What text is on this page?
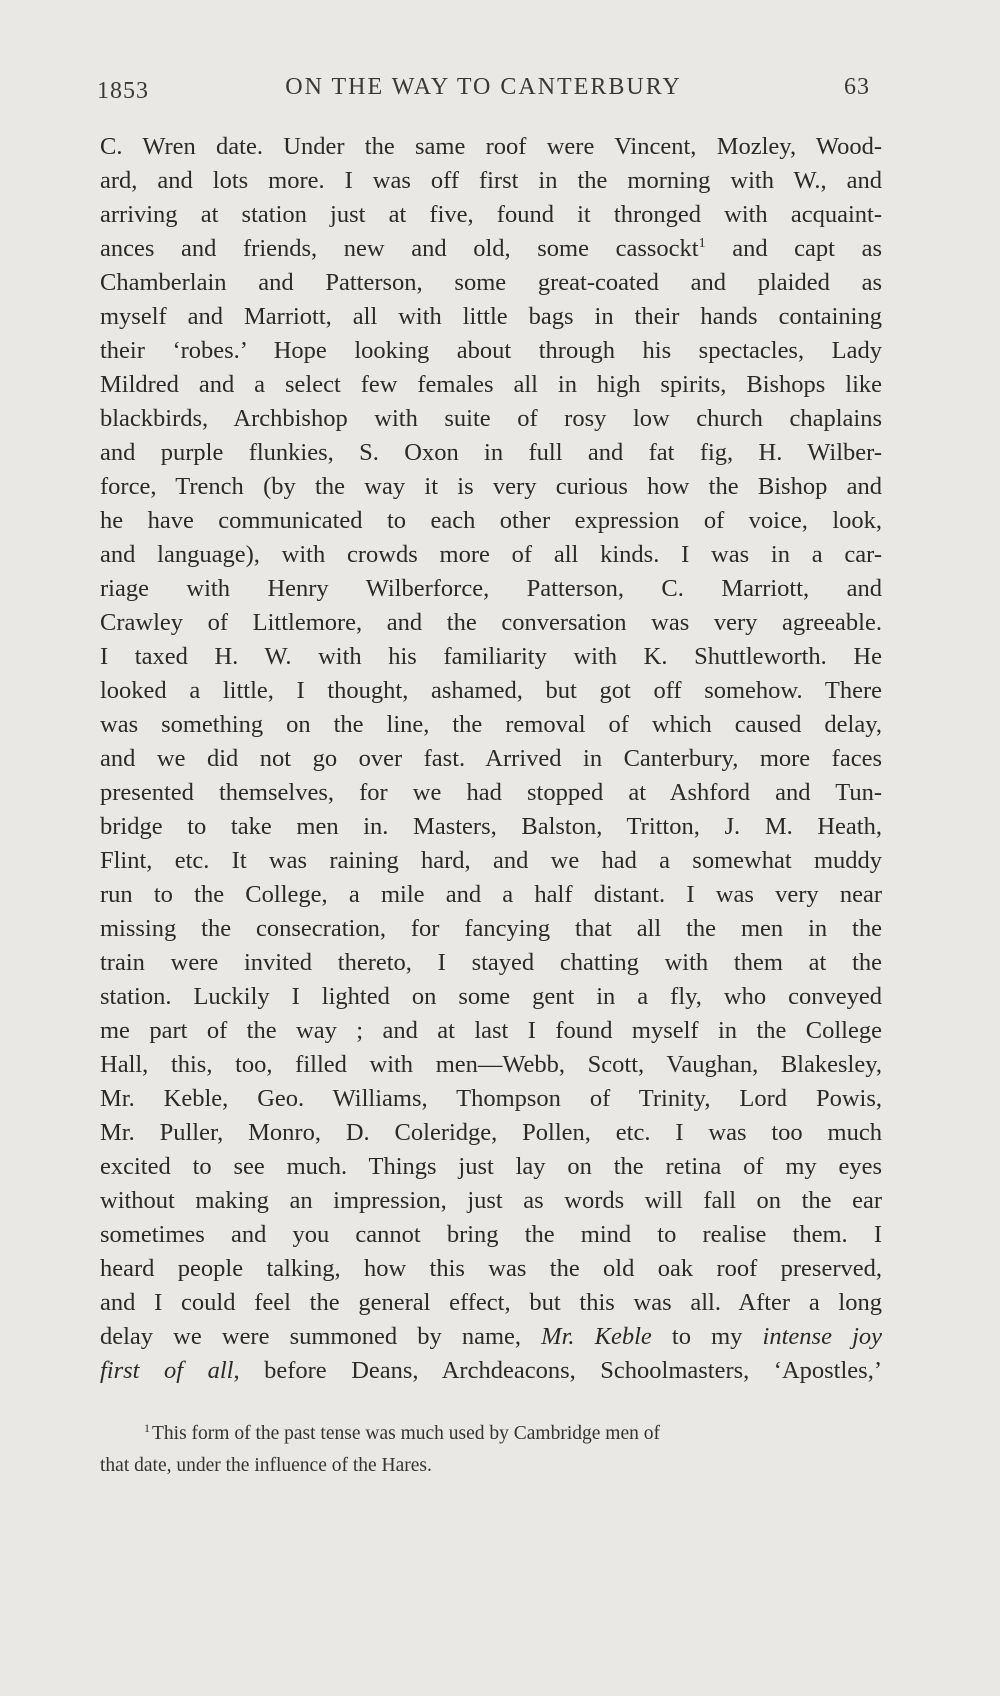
1853	ON THE WAY TO CANTERBURY	63
C. Wren date. Under the same roof were Vincent, Mozley, Wood-
ard, and lots more. I was off first in the morning with W., and
arriving at station just at five, found it thronged with acquaint-
ances and friends, new and old, some cassockt$^1$ and capt as
Chamberlain and Patterson, some great-coated and plaided as
myself and Marriott, all with little bags in their hands containing
their ‘robes.’ Hope looking about through his spectacles, Lady
Mildred and a select few females all in high spirits, Bishops like
blackbirds, Archbishop with suite of rosy low church chaplains
and purple flunkies, S. Oxon in full and fat fig, H. Wilber-
force, Trench (by the way it is very curious how the Bishop and
he have communicated to each other expression of voice, look,
and language), with crowds more of all kinds. I was in a car-
riage with Henry Wilberforce, Patterson, C. Marriott, and
Crawley of Littlemore, and the conversation was very agreeable.
I taxed H. W. with his familiarity with K. Shuttleworth. He
looked a little, I thought, ashamed, but got off somehow. There
was something on the line, the removal of which caused delay,
and we did not go over fast. Arrived in Canterbury, more faces
presented themselves, for we had stopped at Ashford and Tun-
bridge to take men in. Masters, Balston, Tritton, J. M. Heath,
Flint, etc. It was raining hard, and we had a somewhat muddy
run to the College, a mile and a half distant. I was very near
missing the consecration, for fancying that all the men in the
train were invited thereto, I stayed chatting with them at the
station. Luckily I lighted on some gent in a fly, who conveyed
me part of the way ; and at last I found myself in the College
Hall, this, too, filled with men—Webb, Scott, Vaughan, Blakesley,
Mr. Keble, Geo. Williams, Thompson of Trinity, Lord Powis,
Mr. Puller, Monro, D. Coleridge, Pollen, etc. I was too much
excited to see much. Things just lay on the retina of my eyes
without making an impression, just as words will fall on the ear
sometimes and you cannot bring the mind to realise them. I
heard people talking, how this was the old oak roof preserved,
and I could feel the general effect, but this was all. After a long
delay we were summoned by name, Mr. Keble to my intense joy
first of all, before Deans, Archdeacons, Schoolmasters, ‘Apostles,’
$^1$ This form of the past tense was much used by Cambridge men of
that date, under the influence of the Hares.
